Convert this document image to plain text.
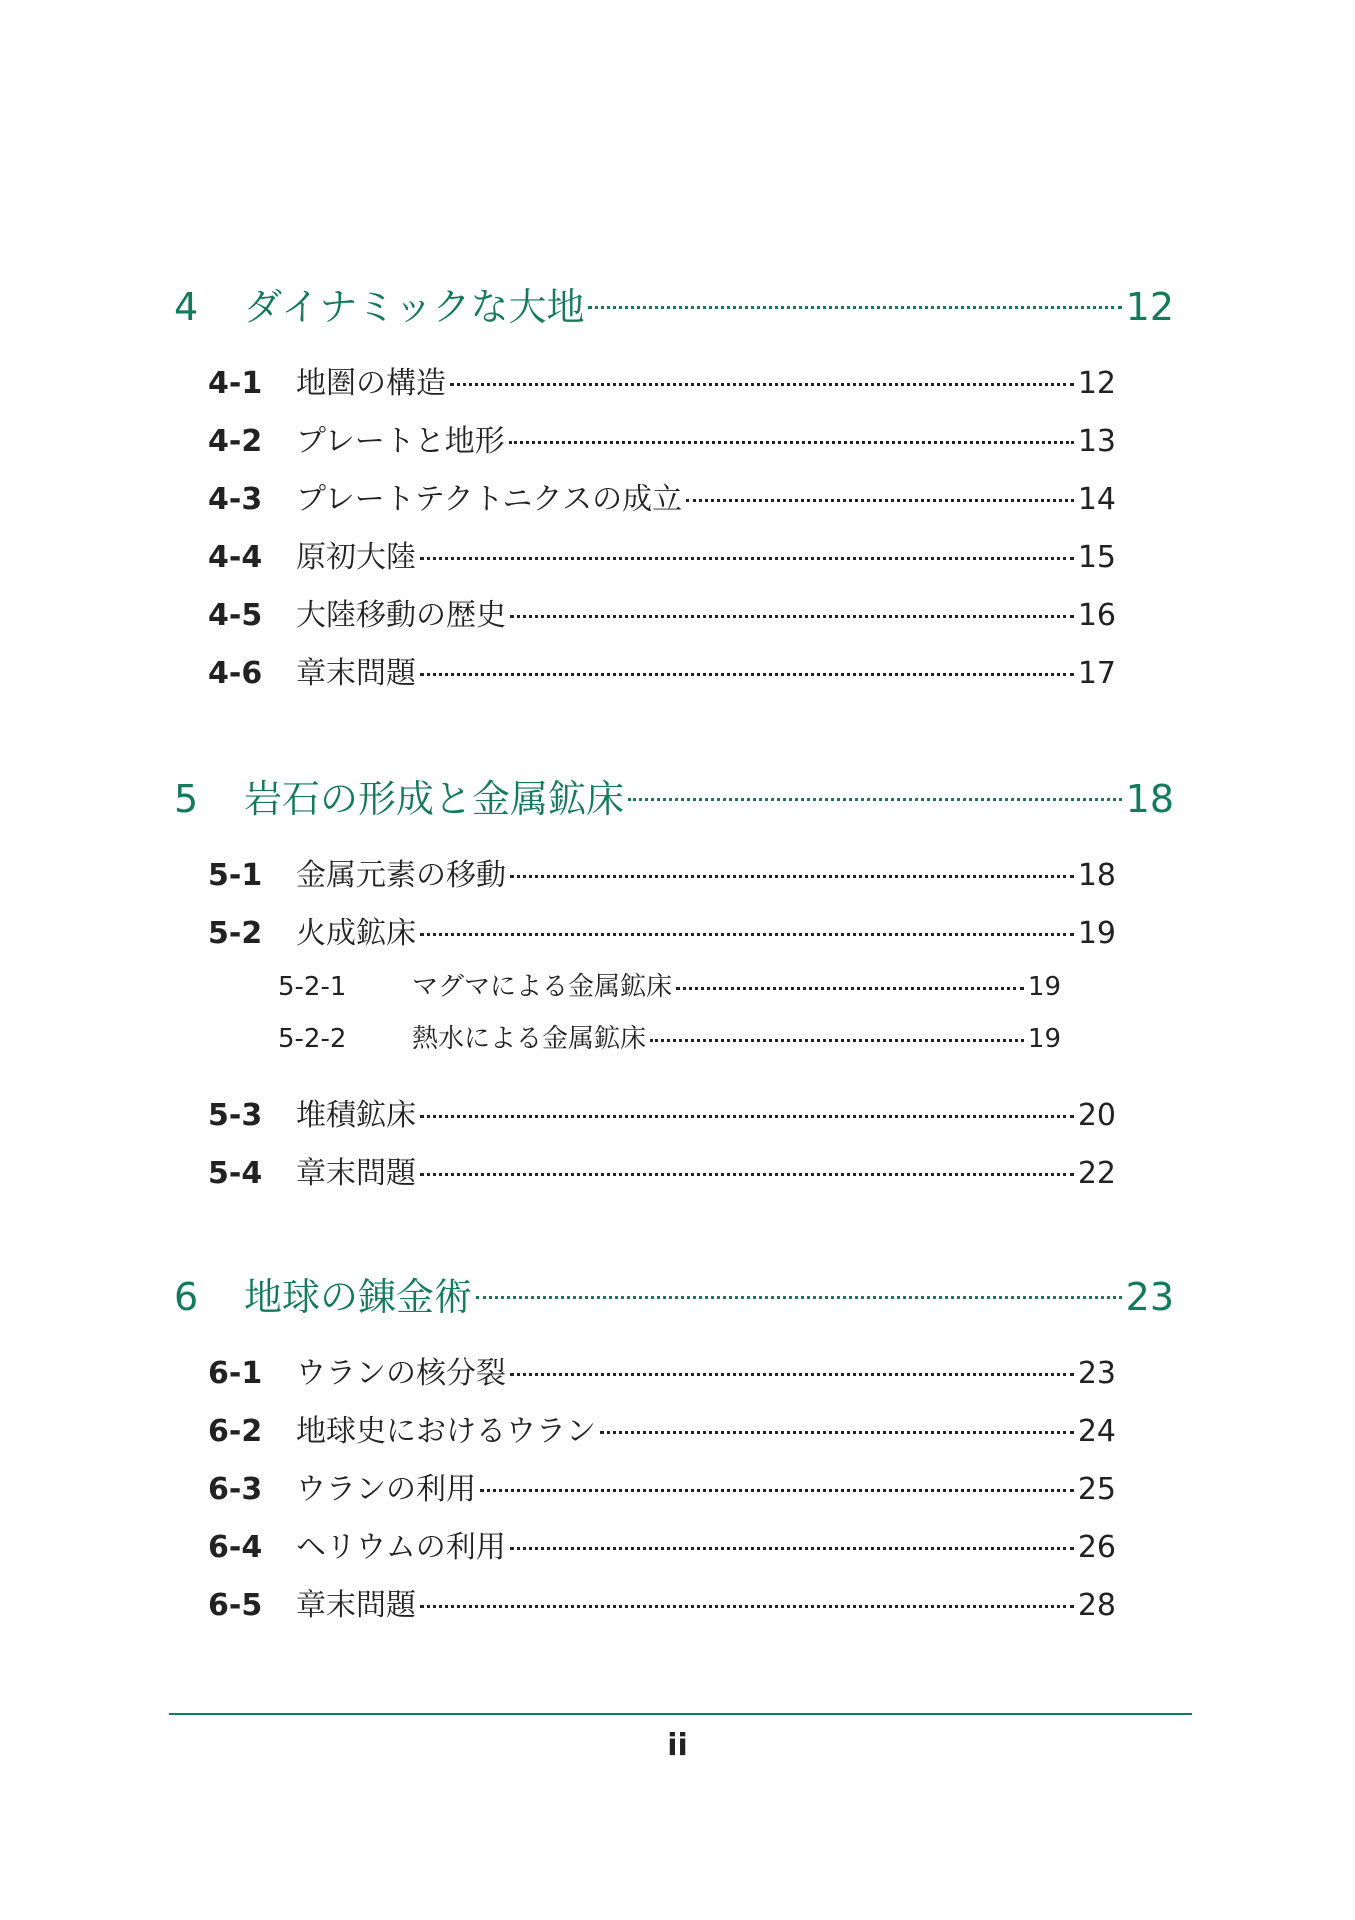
4	ダイナミックな大地	12
4-1	地圏の構造	12
4-2	プレートと地形	13
4-3	プレートテクトニクスの成立	14
4-4	原初大陸	15
4-5	大陸移動の歴史	16
4-6	章末問題	17
5	岩石の形成と金属鉱床	18
5-1	金属元素の移動	18
5-2	火成鉱床	19
5-2-1	マグマによる金属鉱床	19
5-2-2	熱水による金属鉱床	19
5-3	堆積鉱床	20
5-4	章末問題	22
6	地球の錬金術	23
6-1	ウランの核分裂	23
6-2	地球史におけるウラン	24
6-3	ウランの利用	25
6-4	ヘリウムの利用	26
6-5	章末問題	28
ii
